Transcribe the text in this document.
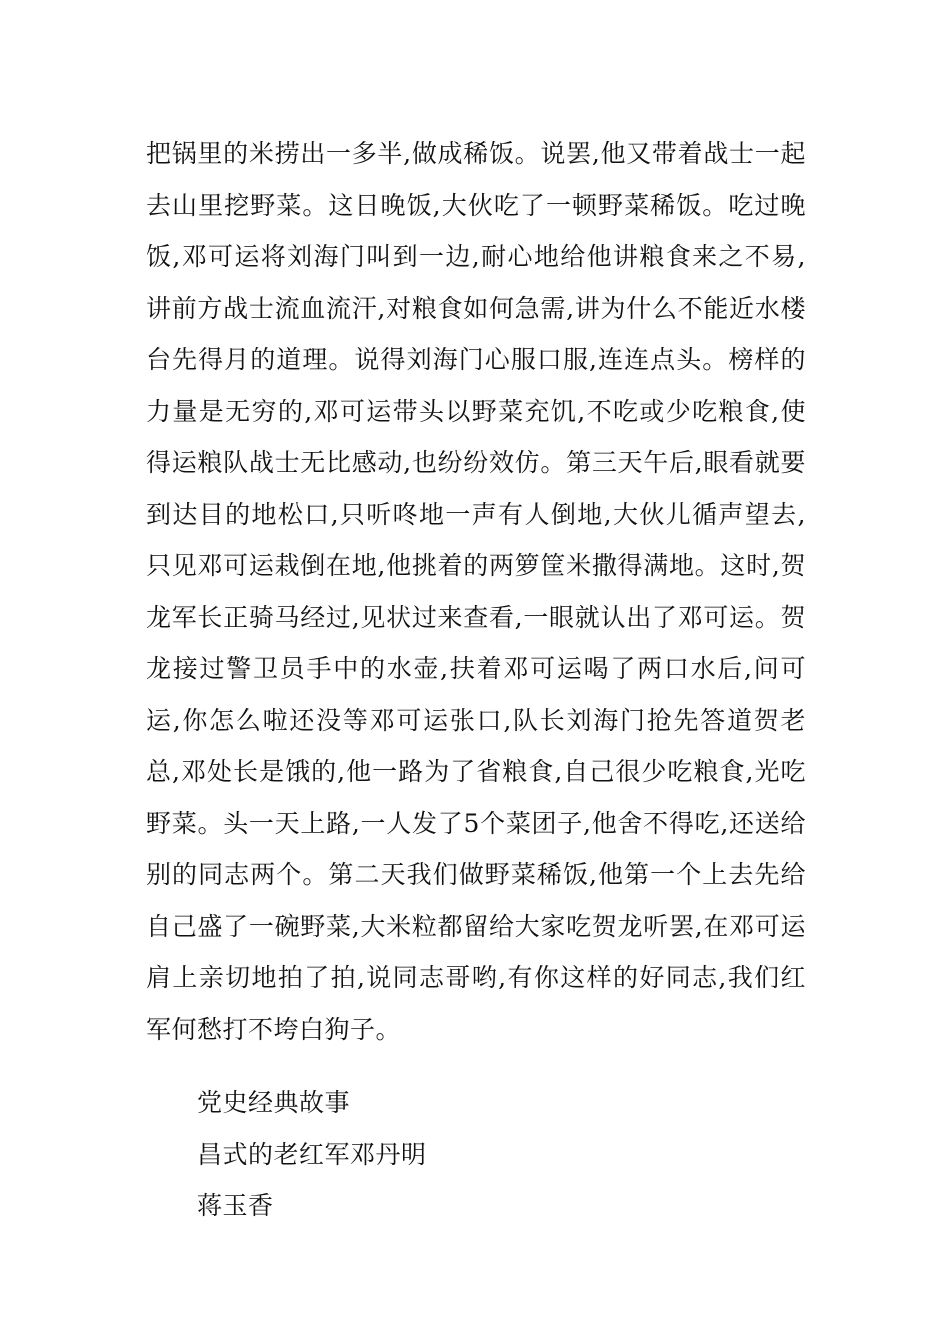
把锅里的米捞出一多半,做成稀饭。说罢,他又带着战士一起去山里挖野菜。这日晚饭,大伙吃了一顿野菜稀饭。吃过晚饭,邓可运将刘海门叫到一边,耐心地给他讲粮食来之不易,讲前方战士流血流汗,对粮食如何急需,讲为什么不能近水楼台先得月的道理。说得刘海门心服口服,连连点头。榜样的力量是无穷的,邓可运带头以野菜充饥,不吃或少吃粮食,使得运粮队战士无比感动,也纷纷效仿。第三天午后,眼看就要到达目的地松口,只听咚地一声有人倒地,大伙儿循声望去,只见邓可运栽倒在地,他挑着的两箩筐米撒得满地。这时,贺龙军长正骑马经过,见状过来查看,一眼就认出了邓可运。贺龙接过警卫员手中的水壶,扶着邓可运喝了两口水后,问可运,你怎么啦还没等邓可运张口,队长刘海门抢先答道贺老总,邓处长是饿的,他一路为了省粮食,自己很少吃粮食,光吃野菜。头一天上路,一人发了5个菜团子,他舍不得吃,还送给别的同志两个。第二天我们做野菜稀饭,他第一个上去先给自己盛了一碗野菜,大米粒都留给大家吃贺龙听罢,在邓可运肩上亲切地拍了拍,说同志哥哟,有你这样的好同志,我们红军何愁打不垮白狗子。

党史经典故事
昌式的老红军邓丹明
蒋玉香
